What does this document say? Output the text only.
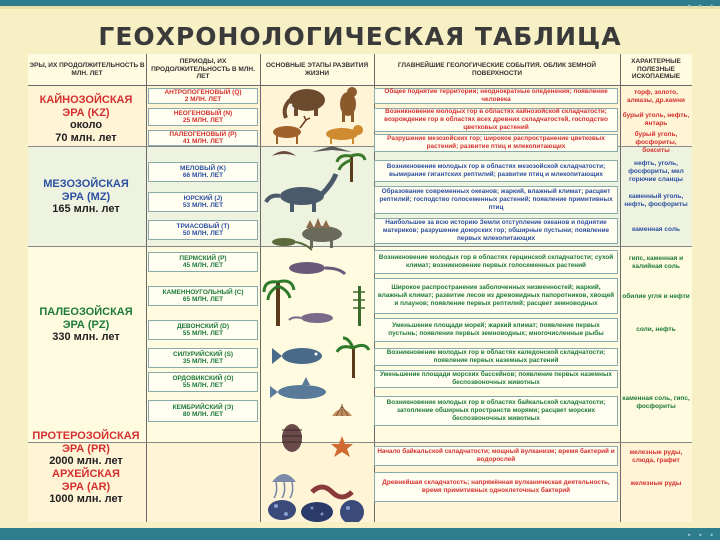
• • •
ГЕОХРОНОЛОГИЧЕСКАЯ ТАБЛИЦА
ЭРЫ, ИХ ПРОДОЛЖИТЕЛЬНОСТЬ В МЛН. ЛЕТ
ПЕРИОДЫ, ИХ ПРОДОЛЖИТЕЛЬНОСТЬ В МЛН. ЛЕТ
ОСНОВНЫЕ ЭТАПЫ РАЗВИТИЯ ЖИЗНИ
ГЛАВНЕЙШИЕ ГЕОЛОГИЧЕСКИЕ СОБЫТИЯ. ОБЛИК ЗЕМНОЙ ПОВЕРХНОСТИ
ХАРАКТЕРНЫЕ ПОЛЕЗНЫЕ ИСКОПАЕМЫЕ
КАЙНОЗОЙСКАЯ
ЭРА (KZ)
около
70 млн. лет
МЕЗОЗОЙСКАЯ
ЭРА (MZ)
165 млн. лет
ПАЛЕОЗОЙСКАЯ
ЭРА (PZ)
330 млн. лет
ПРОТЕРОЗОЙСКАЯ
ЭРА (PR)
2000 млн. лет
АРХЕЙСКАЯ
ЭРА (AR)
1000 млн. лет
АНТРОПОГЕНОВЫЙ (Q)
2 МЛН. ЛЕТ
НЕОГЕНОВЫЙ (N)
25 МЛН. ЛЕТ
ПАЛЕОГЕНОВЫЙ (P)
41 МЛН. ЛЕТ
МЕЛОВЫЙ (K)
66 МЛН. ЛЕТ
ЮРСКИЙ (J)
53 МЛН. ЛЕТ
ТРИАСОВЫЙ (T)
50 МЛН. ЛЕТ
ПЕРМСКИЙ (P)
45 МЛН. ЛЕТ
КАМЕННОУГОЛЬНЫЙ (C)
65 МЛН. ЛЕТ
ДЕВОНСКИЙ (D)
55 МЛН. ЛЕТ
СИЛУРИЙСКИЙ (S)
35 МЛН. ЛЕТ
ОРДОВИКСКИЙ (O)
55 МЛН. ЛЕТ
КЕМБРИЙСКИЙ (Э)
80 МЛН. ЛЕТ
Общее поднятие территории; неоднократные оледенения; появление человека
Возникновение молодых гор в областях кайнозойской складчатости; возрождение гор в областях всех древних складчатостей, господство цветковых растений
Разрушение мезозойских гор; широкое распространение цветковых растений; развитие птиц и млекопитающих
Возникновение молодых гор в областях мезозойской складчатости; вымирание гигантских рептилий; развитие птиц и млекопитающих
Образование современных океанов; жаркий, влажный климат; расцвет рептилий; господство голосеменных растений; появление примитивных птиц
Наибольшее за всю историю Земли отступление океанов и поднятие материков; разрушение доюрских гор; обширные пустыни; появление первых млекопитающих
Возникновение молодых гор в областях герцинской складчатости; сухой климат; возникновение первых голосеменных растений
Широкое распространение заболоченных низменностей; жаркий, влажный климат; развитие лесов из древовидных папоротников, хвощей и плаунов; появление первых рептилий; расцвет земноводных
Уменьшение площади морей; жаркий климат; появление первых пустынь; появление первых земноводных; многочисленные рыбы
Возникновение молодых гор в областях каледонской складчатости; появление первых наземных растений
Уменьшение площади морских бассейнов; появление первых наземных беспозвоночных животных
Возникновение молодых гор в областях байкальской складчатости; затопление обширных пространств морями; расцвет морских беспозвоночных животных
Начало байкальской складчатости; мощный вулканизм; время бактерий и водорослей
Древнейшая складчатость; напряжённая вулканическая деятельность, время примитивных одноклеточных бактерий
торф, золото, алмазы, др.камни
бурый уголь, нефть, янтарь
бурый уголь, фосфориты, бокситы
нефть, уголь, фосфориты, мел горючие сланцы
каменный уголь, нефть, фосфориты
каменная соль
гипс, каменная и калийная соль
обилие угля и нефти
соли, нефть
каменная соль, гипс, фосфориты
железные руды, слюда, графит
железные руды
• • •
